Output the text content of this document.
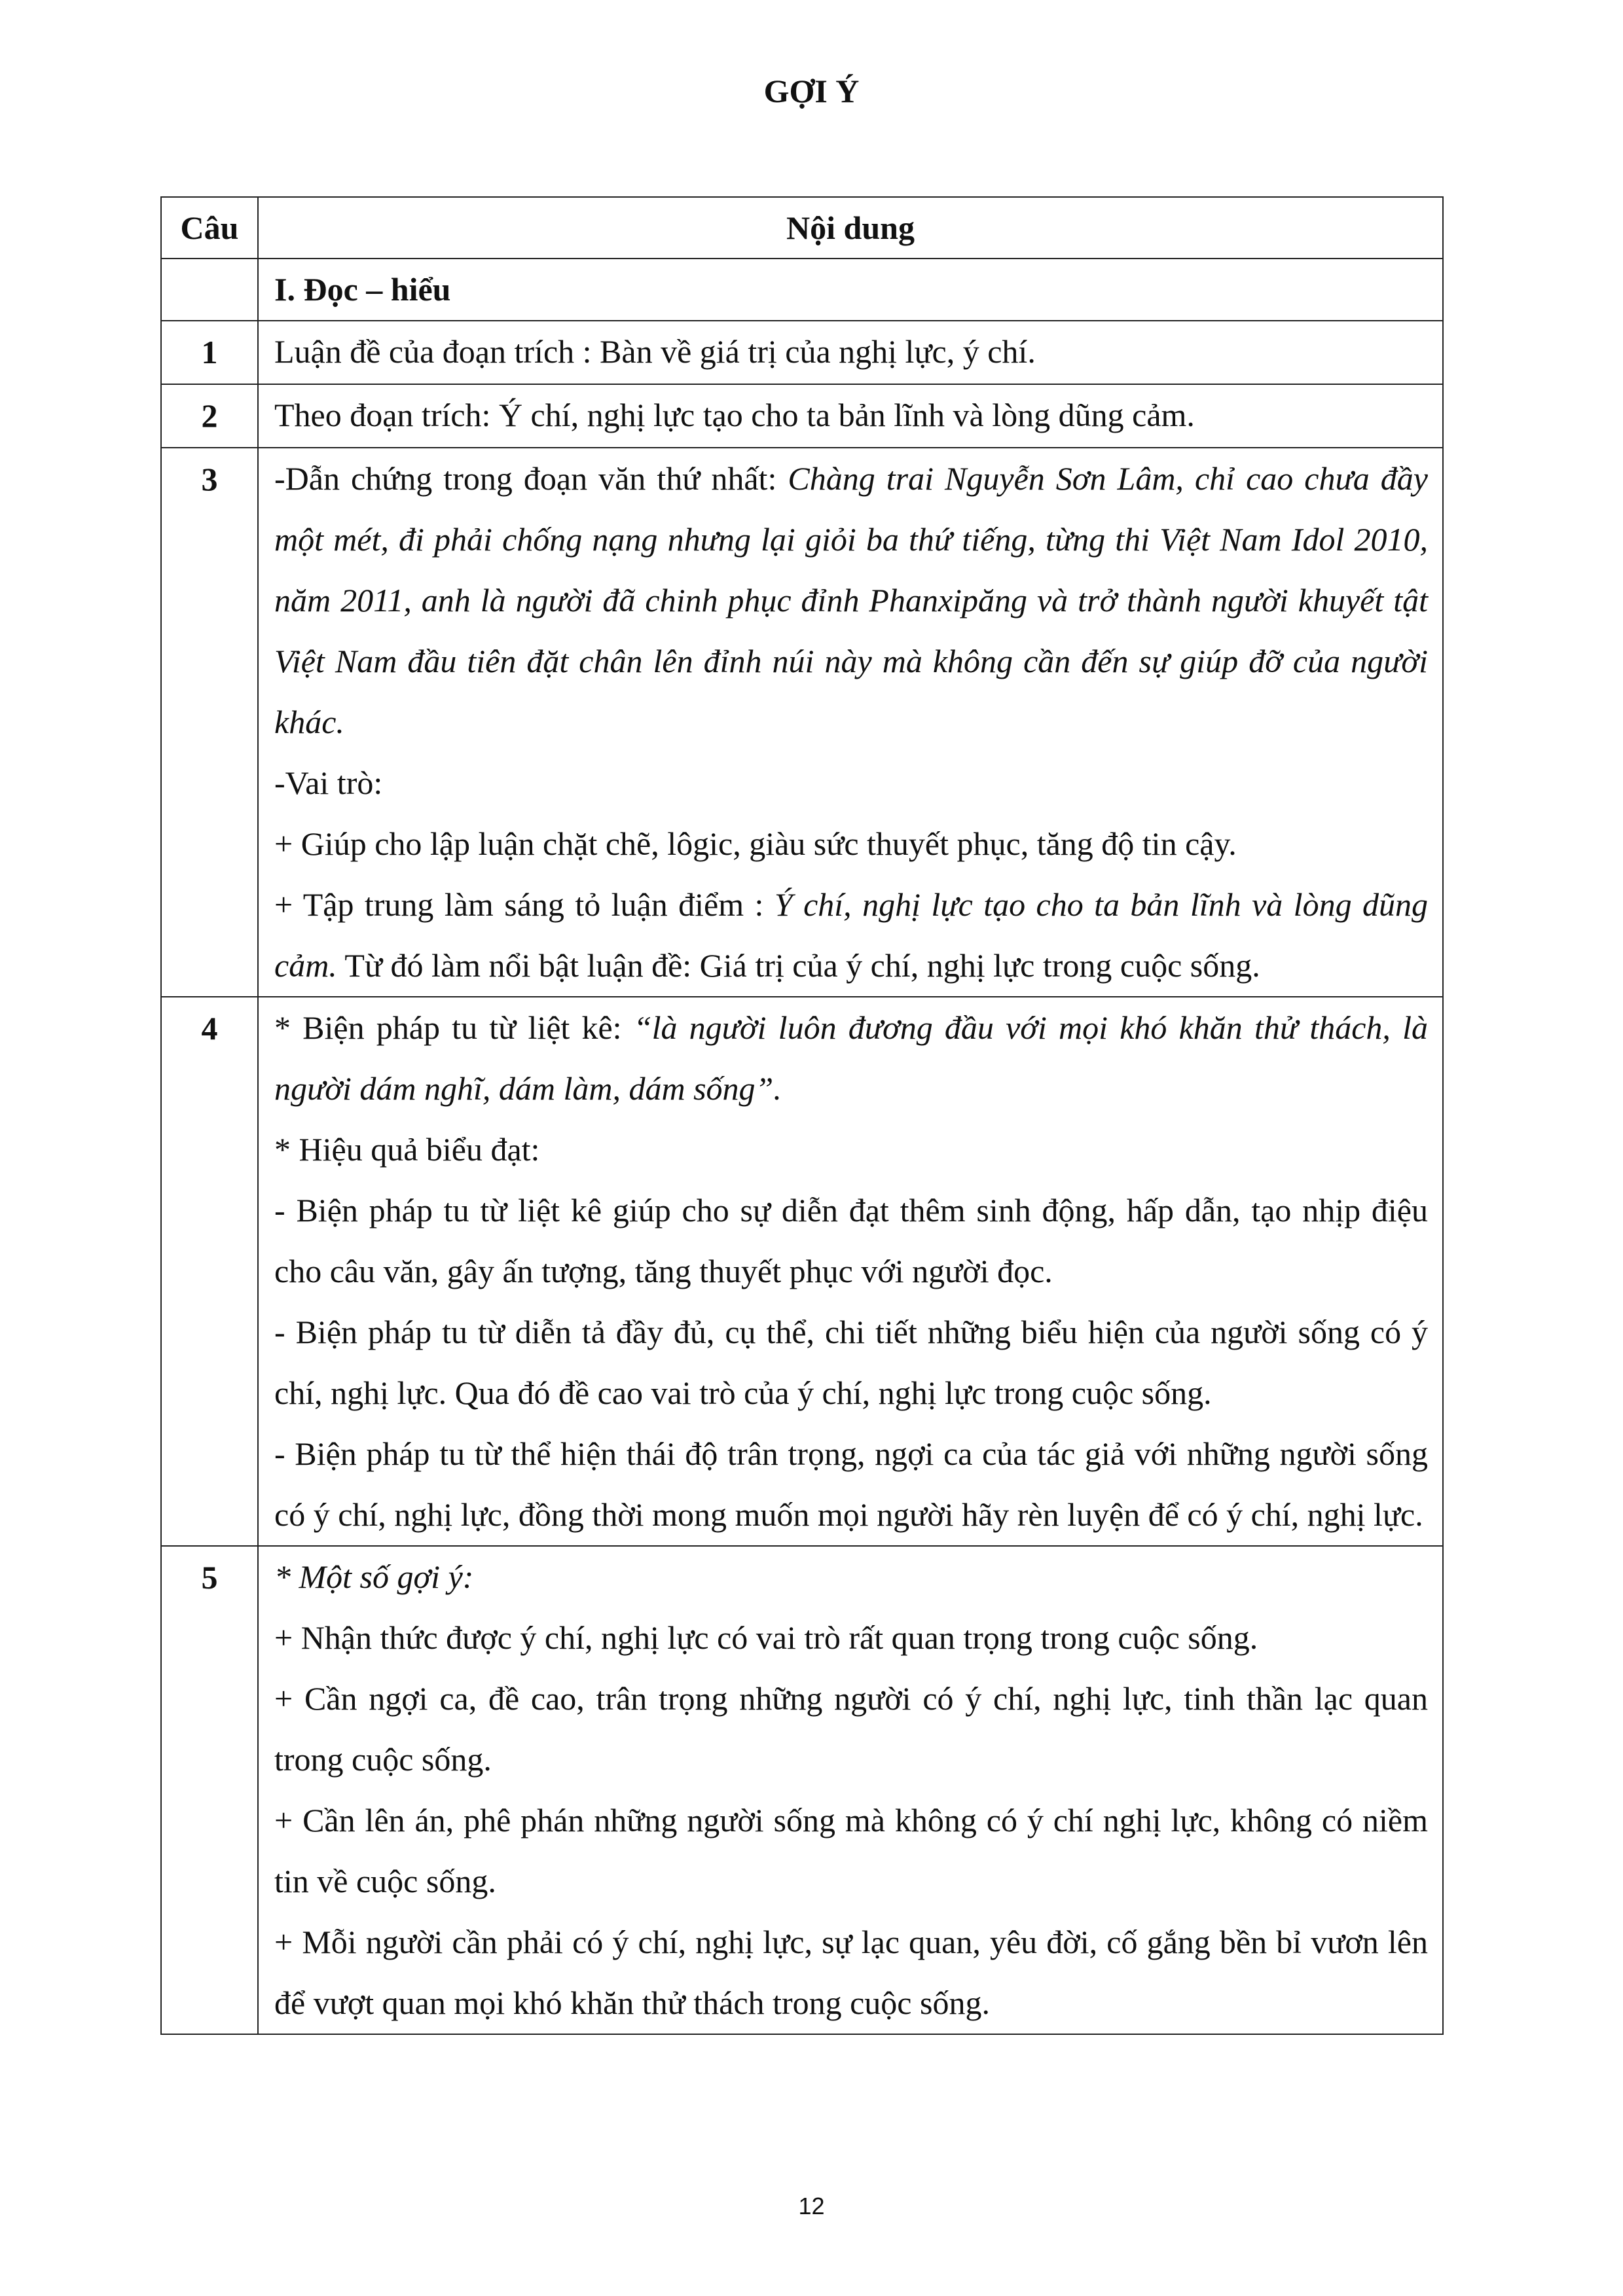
GỢI Ý
Câu	Nội dung
	I. Đọc – hiểu
1	Luận đề của đoạn trích : Bàn về giá trị của nghị lực, ý chí.

2	Theo đoạn trích: Ý chí, nghị lực tạo cho ta bản lĩnh và lòng dũng cảm.

3	-Dẫn chứng trong đoạn văn thứ nhất: Chàng trai Nguyễn Sơn Lâm, chỉ cao chưa đầy một mét, đi phải chống nạng nhưng lại giỏi ba thứ tiếng, từng thi Việt Nam Idol 2010, năm 2011, anh là người đã chinh phục đỉnh Phanxipăng và trở thành người khuyết tật Việt Nam đầu tiên đặt chân lên đỉnh núi này mà không cần đến sự giúp đỡ của người khác.

-Vai trò:

+ Giúp cho lập luận chặt chẽ, lôgic, giàu sức thuyết phục, tăng độ tin cậy.

+ Tập trung làm sáng tỏ luận điểm : Ý chí, nghị lực tạo cho ta bản lĩnh và lòng dũng cảm. Từ đó làm nổi bật luận đề: Giá trị của ý chí, nghị lực trong cuộc sống.

4	* Biện pháp tu từ liệt kê: “là người luôn đương đầu với mọi khó khăn thử thách, là người dám nghĩ, dám làm, dám sống”.

* Hiệu quả biểu đạt:

- Biện pháp tu từ liệt kê giúp cho sự diễn đạt thêm sinh động, hấp dẫn, tạo nhịp điệu cho câu văn, gây ấn tượng, tăng thuyết phục với người đọc.

- Biện pháp tu từ diễn tả đầy đủ, cụ thể, chi tiết những biểu hiện của người sống có ý chí, nghị lực. Qua đó đề cao vai trò của ý chí, nghị lực trong cuộc sống.

- Biện pháp tu từ thể hiện thái độ trân trọng, ngợi ca của tác giả với những người sống có ý chí, nghị lực, đồng thời mong muốn mọi người hãy rèn luyện để có ý chí, nghị lực.

5	* Một số gợi ý:

+ Nhận thức được ý chí, nghị lực có vai trò rất quan trọng trong cuộc sống.

+ Cần ngợi ca, đề cao, trân trọng những người có ý chí, nghị lực, tinh thần lạc quan trong cuộc sống.

+ Cần lên án, phê phán những người sống mà không có ý chí nghị lực, không có niềm tin về cuộc sống.

+ Mỗi người cần phải có ý chí, nghị lực, sự lạc quan, yêu đời, cố gắng bền bỉ vươn lên để vượt quan mọi khó khăn thử thách trong cuộc sống.

12
